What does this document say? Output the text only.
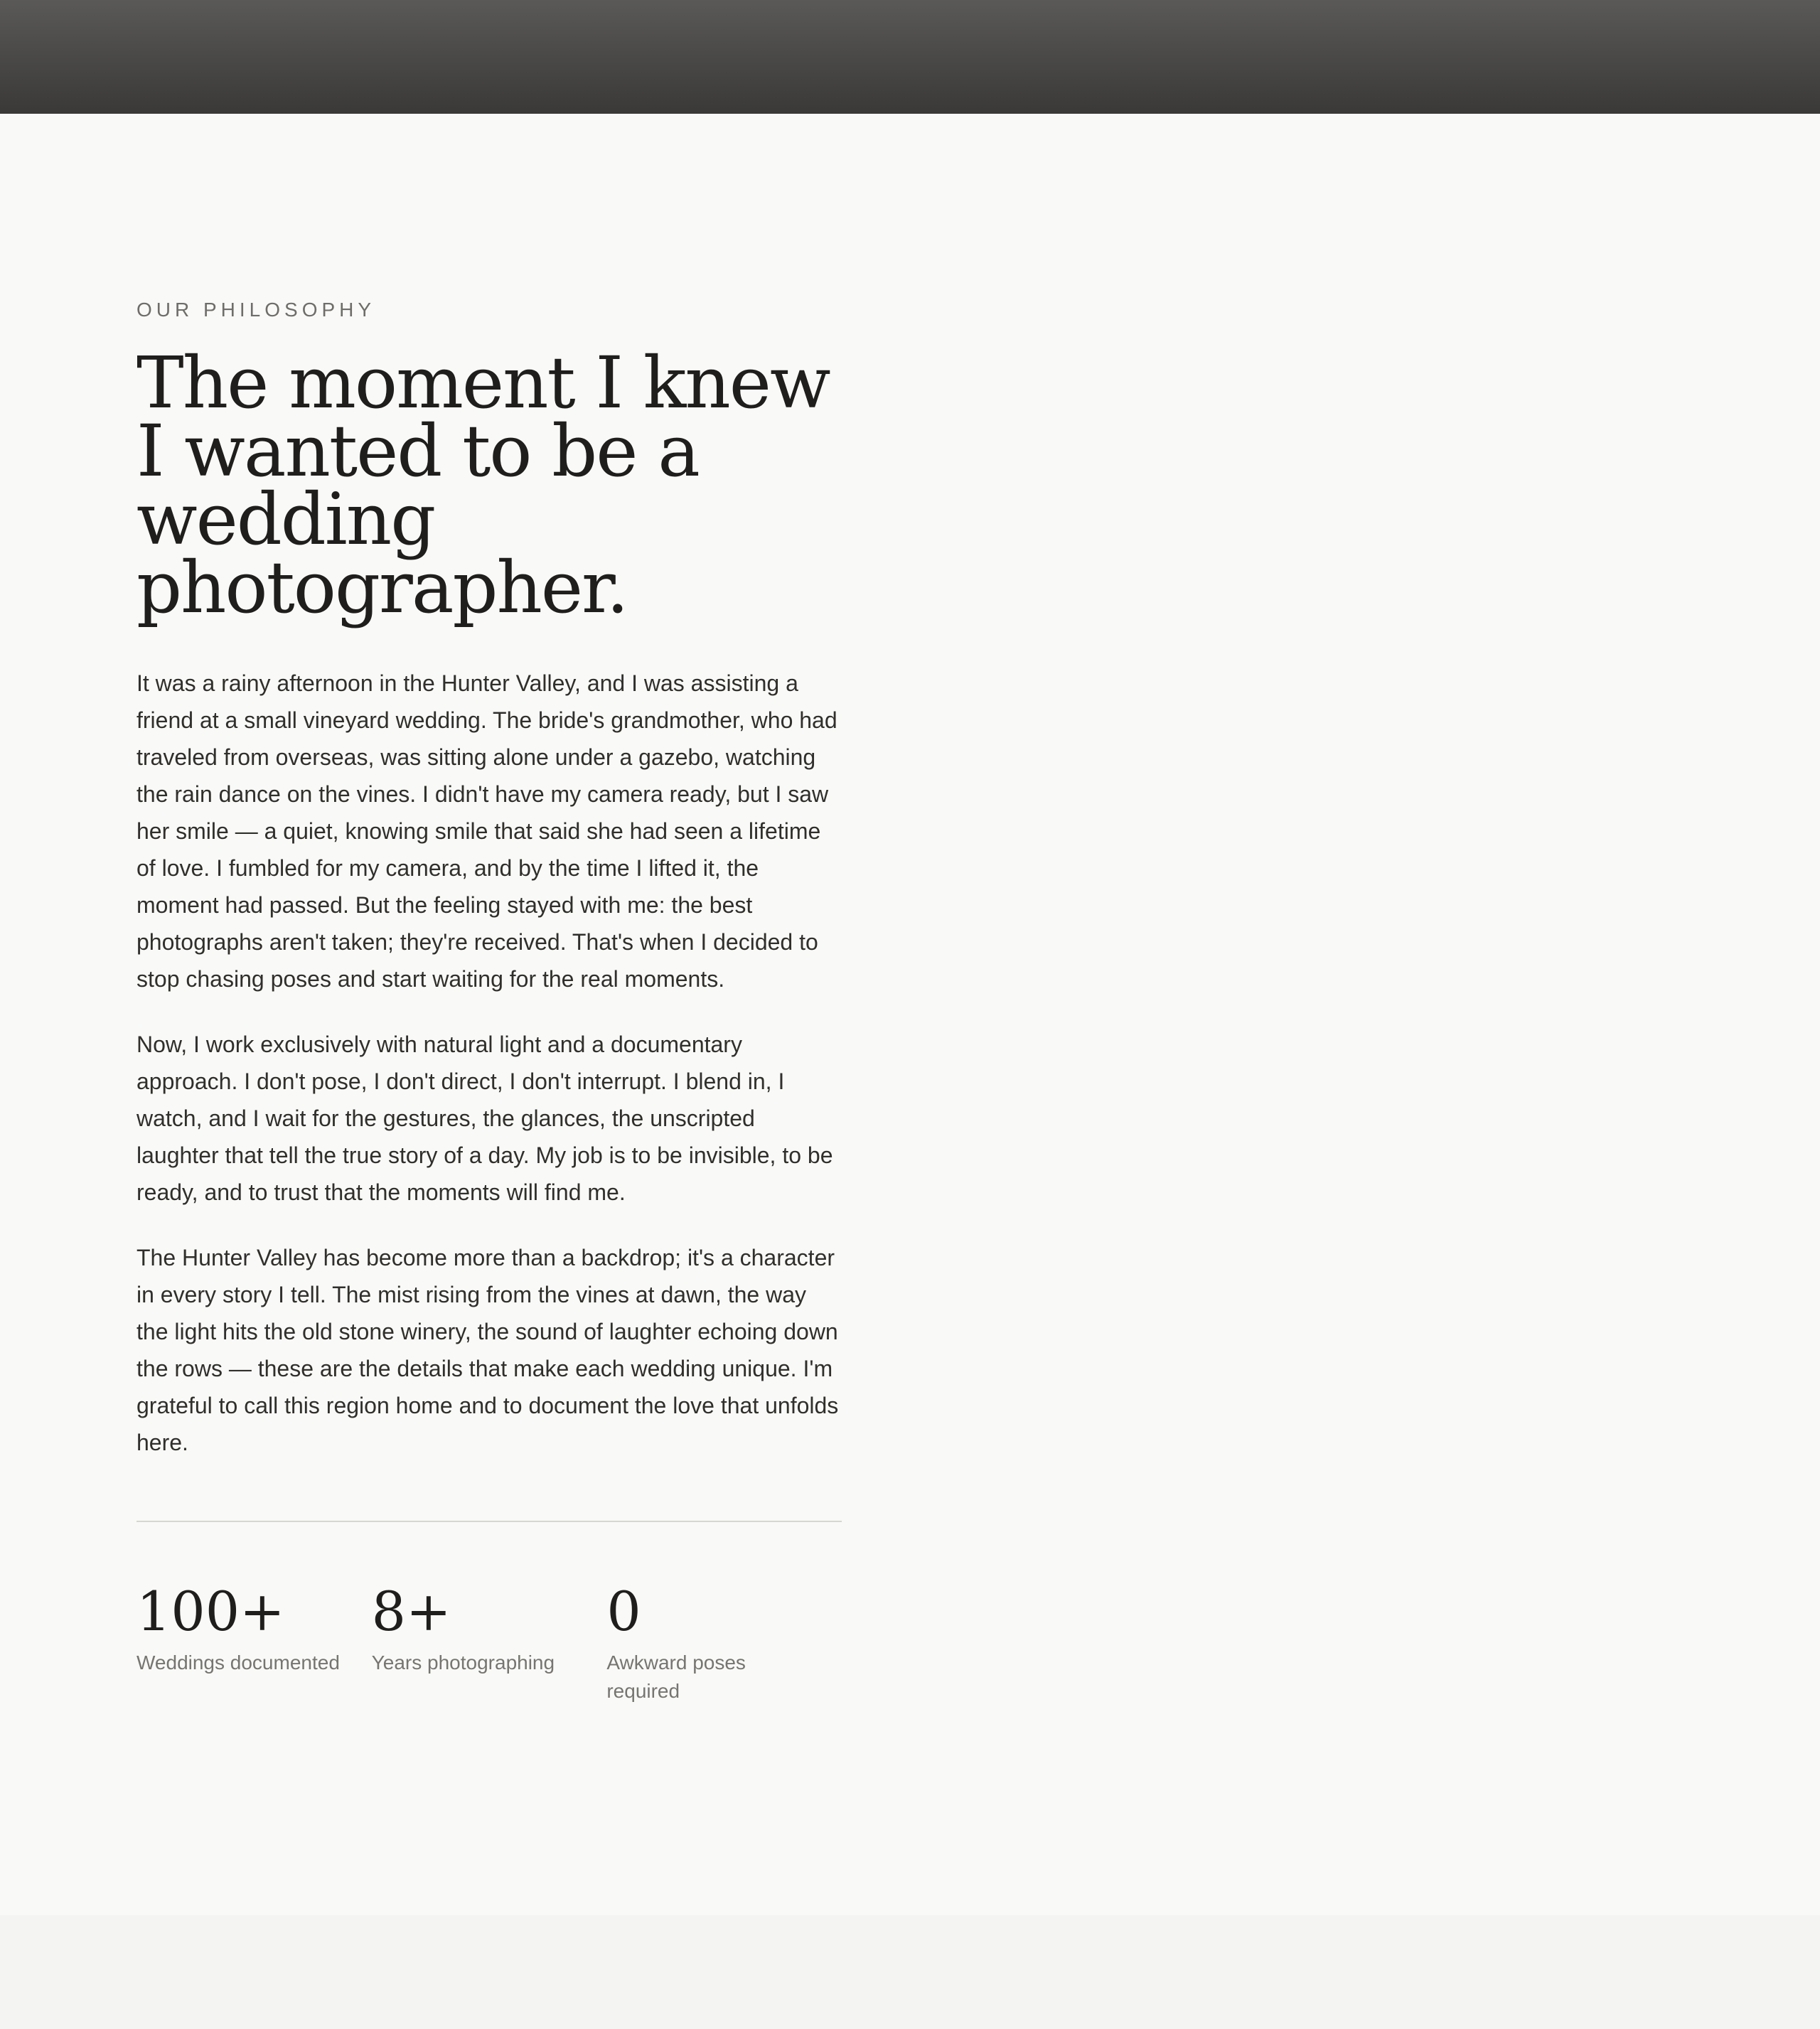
OUR PHILOSOPHY

The moment I knew I wanted to be a wedding photographer.

It was a rainy afternoon in the Hunter Valley, and I was assisting a friend at a small vineyard wedding. The bride's grandmother, who had traveled from overseas, was sitting alone under a gazebo, watching the rain dance on the vines. I didn't have my camera ready, but I saw her smile — a quiet, knowing smile that said she had seen a lifetime of love. I fumbled for my camera, and by the time I lifted it, the moment had passed. But the feeling stayed with me: the best photographs aren't taken; they're received. That's when I decided to stop chasing poses and start waiting for the real moments.

Now, I work exclusively with natural light and a documentary approach. I don't pose, I don't direct, I don't interrupt. I blend in, I watch, and I wait for the gestures, the glances, the unscripted laughter that tell the true story of a day. My job is to be invisible, to be ready, and to trust that the moments will find me.

The Hunter Valley has become more than a backdrop; it's a character in every story I tell. The mist rising from the vines at dawn, the way the light hits the old stone winery, the sound of laughter echoing down the rows — these are the details that make each wedding unique. I'm grateful to call this region home and to document the love that unfolds here.

100+

Weddings documented

8+

Years photographing

0

Awkward poses required
